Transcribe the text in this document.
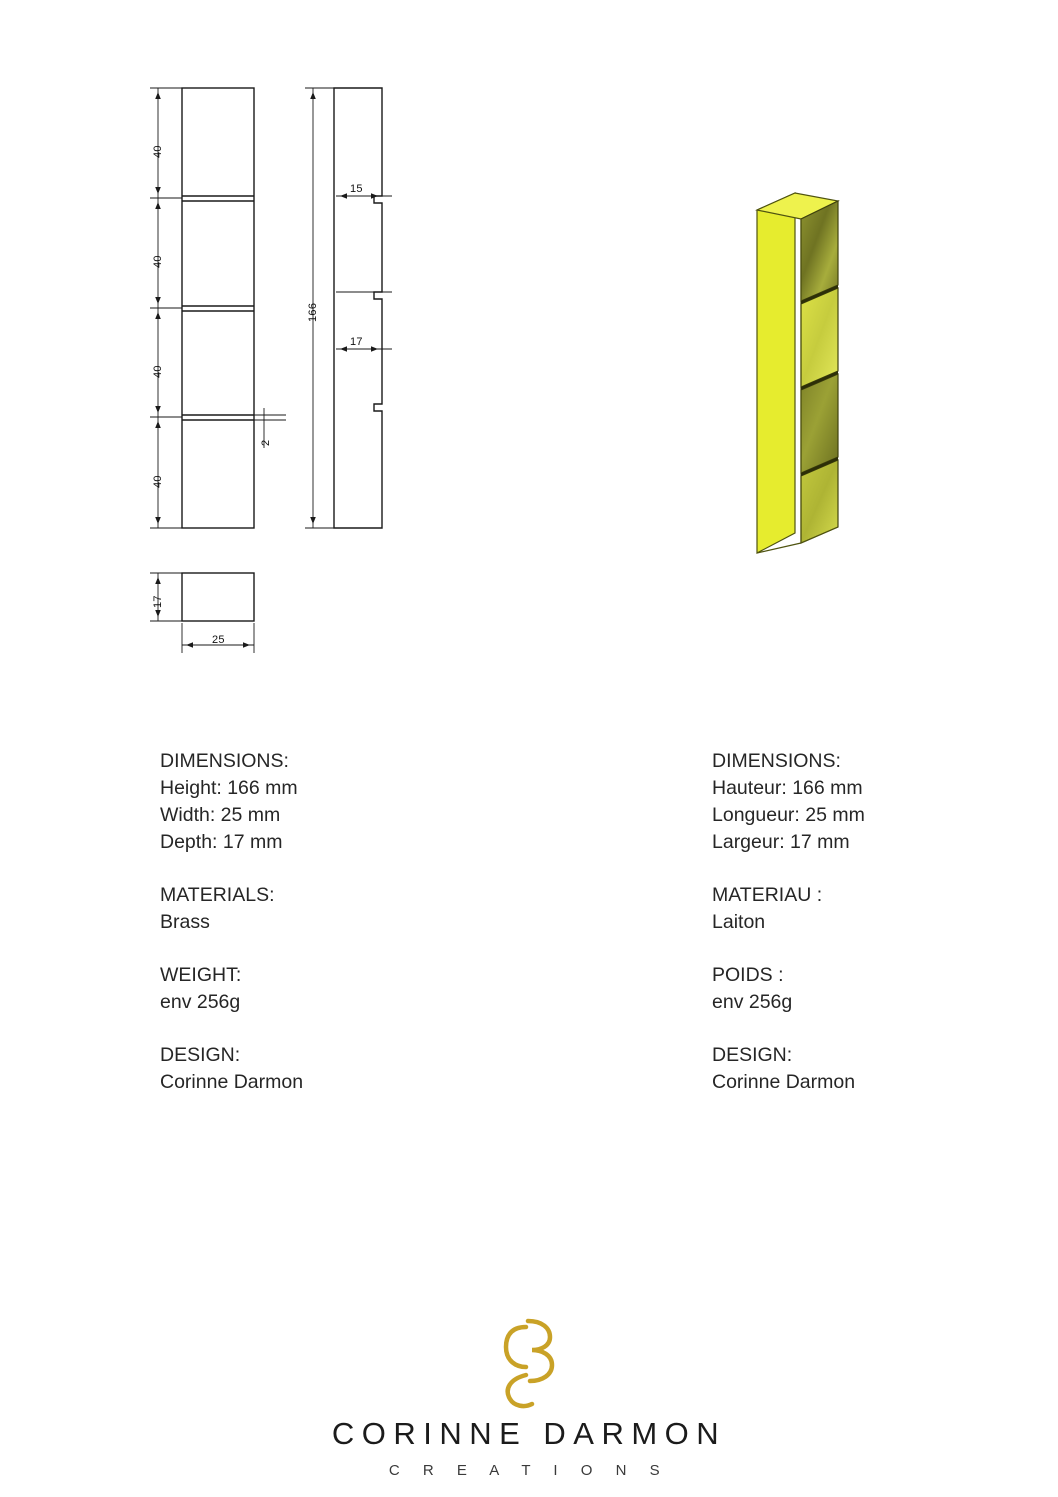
40
40
40
40
166
15
17
2
17
25
DIMENSIONS:
Height: 166 mm
Width: 25 mm
Depth: 17 mm
MATERIALS:
Brass
WEIGHT:
env 256g
DESIGN:
Corinne Darmon
DIMENSIONS:
Hauteur: 166 mm
Longueur: 25 mm
Largeur: 17 mm
MATERIAU :
Laiton
POIDS :
env 256g
DESIGN:
Corinne Darmon
CORINNE DARMON
C R E A T I O N S
